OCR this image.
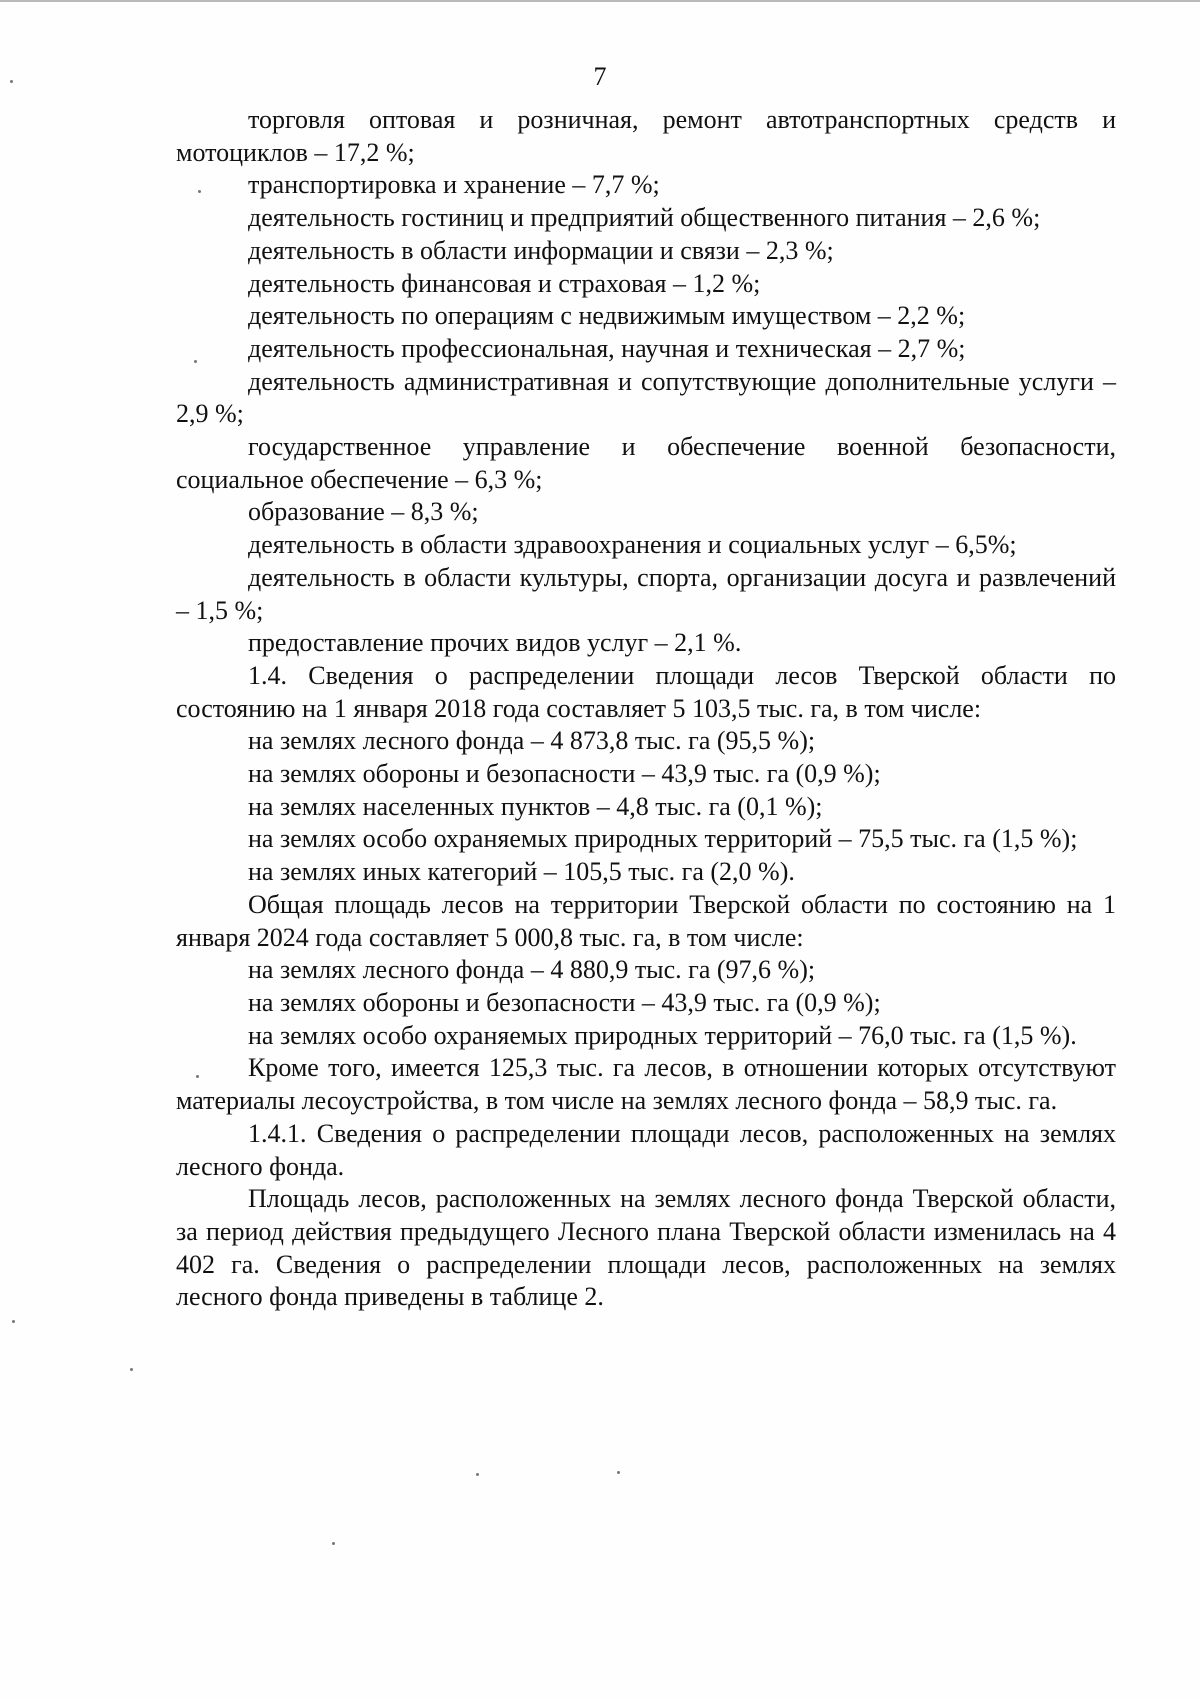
7

торговля оптовая и розничная, ремонт автотранспортных средств и мотоциклов – 17,2 %;

транспортировка и хранение – 7,7 %;

деятельность гостиниц и предприятий общественного питания – 2,6 %;

деятельность в области информации и связи – 2,3 %;

деятельность финансовая и страховая – 1,2 %;

деятельность по операциям с недвижимым имуществом – 2,2 %;

деятельность профессиональная, научная и техническая – 2,7 %;

деятельность административная и сопутствующие дополнительные услуги – 2,9 %;

государственное управление и обеспечение военной безопасности, социальное обеспечение – 6,3 %;

образование – 8,3 %;

деятельность в области здравоохранения и социальных услуг – 6,5%;

деятельность в области культуры, спорта, организации досуга и развлечений – 1,5 %;

предоставление прочих видов услуг – 2,1 %.

1.4. Сведения о распределении площади лесов Тверской области по состоянию на 1 января 2018 года составляет 5 103,5 тыс. га, в том числе:

на землях лесного фонда – 4 873,8 тыс. га (95,5 %);

на землях обороны и безопасности – 43,9 тыс. га (0,9 %);

на землях населенных пунктов – 4,8 тыс. га (0,1 %);

на землях особо охраняемых природных территорий – 75,5 тыс. га (1,5 %);

на землях иных категорий – 105,5 тыс. га (2,0 %).

Общая площадь лесов на территории Тверской области по состоянию на 1 января 2024 года составляет 5 000,8 тыс. га, в том числе:

на землях лесного фонда – 4 880,9 тыс. га (97,6 %);

на землях обороны и безопасности – 43,9 тыс. га (0,9 %);

на землях особо охраняемых природных территорий – 76,0 тыс. га (1,5 %).

Кроме того, имеется 125,3 тыс. га лесов, в отношении которых отсутствуют материалы лесоустройства, в том числе на землях лесного фонда – 58,9 тыс. га.

1.4.1. Сведения о распределении площади лесов, расположенных на землях лесного фонда.

Площадь лесов, расположенных на землях лесного фонда Тверской области, за период действия предыдущего Лесного плана Тверской области изменилась на 4 402 га. Сведения о распределении площади лесов, расположенных на землях лесного фонда приведены в таблице 2.
